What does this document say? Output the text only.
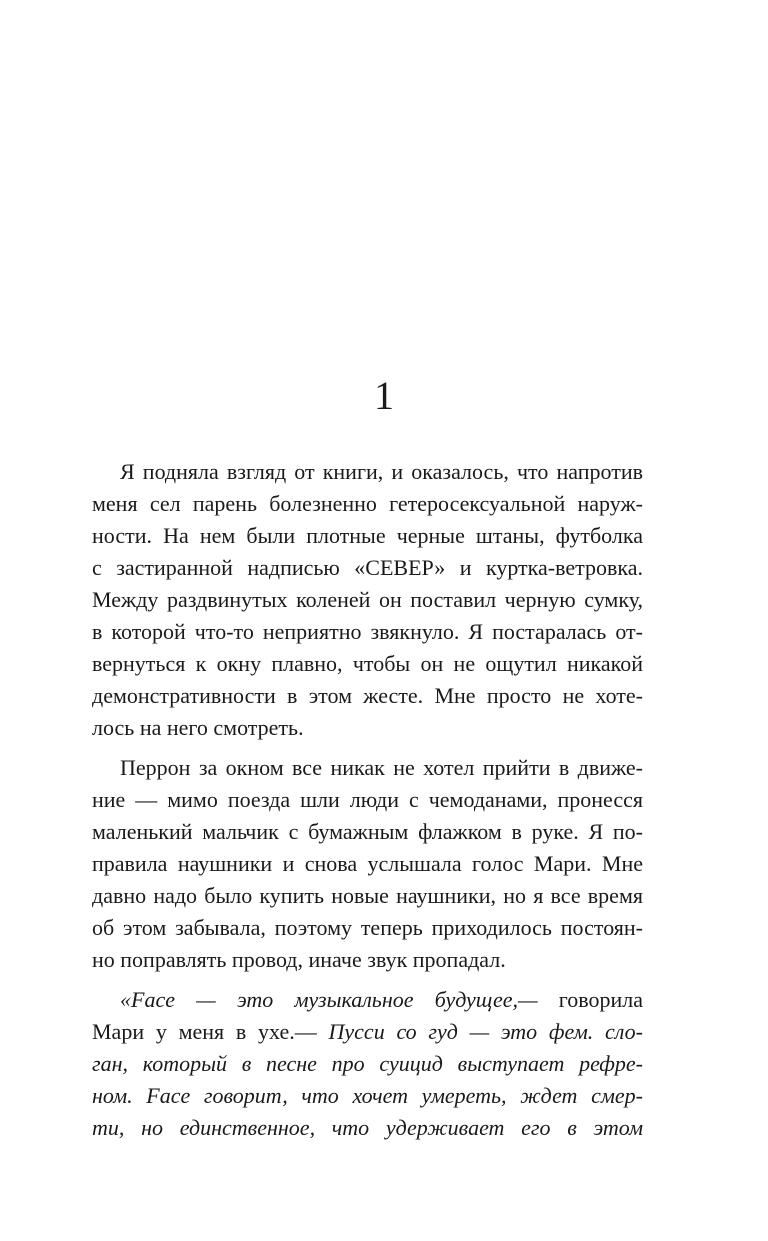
1
Я подняла взгляд от книги, и оказалось, что напротив
меня сел парень болезненно гетеросексуальной наруж-
ности. На нем были плотные черные штаны, футболка
с застиранной надписью «СЕВЕР» и куртка-ветровка.
Между раздвинутых коленей он поставил черную сумку,
в которой что-то неприятно звякнуло. Я постаралась от-
вернуться к окну плавно, чтобы он не ощутил никакой
демонстративности в этом жесте. Мне просто не хоте-
лось на него смотреть.
Перрон за окном все никак не хотел прийти в движе-
ние — мимо поезда шли люди с чемоданами, пронесся
маленький мальчик с бумажным флажком в руке. Я по-
правила наушники и снова услышала голос Мари. Мне
давно надо было купить новые наушники, но я все время
об этом забывала, поэтому теперь приходилось постоян-
но поправлять провод, иначе звук пропадал.
«Face — это музыкальное будущее,— говорила
Мари у меня в ухе.— Пусси со гуд — это фем. сло-
ган, который в песне про суицид выступает рефре-
ном. Face говорит, что хочет умереть, ждет смер-
ти, но единственное, что удерживает его в этом
